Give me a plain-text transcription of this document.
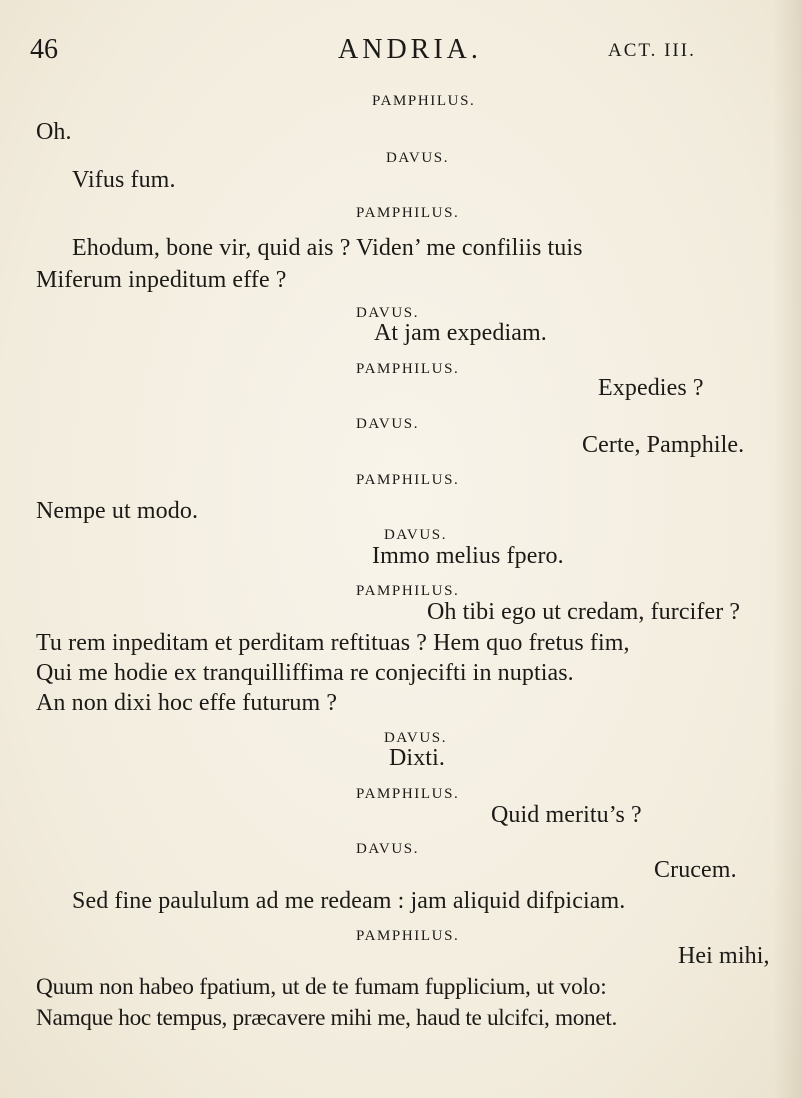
46	ANDRIA.	ACT. III.
PAMPHILUS.
Oh.
DAVUS.
Vifus fum.
PAMPHILUS.
Ehodum, bone vir, quid ais ? Viden’ me confiliis tuis
Miferum inpeditum effe ?
DAVUS.
At jam expediam.
PAMPHILUS.
Expedies ?
DAVUS.
Certe, Pamphile.
PAMPHILUS.
Nempe ut modo.
DAVUS.
Immo melius fpero.
PAMPHILUS.
Oh tibi ego ut credam, furcifer ?
Tu rem inpeditam et perditam reftituas ? Hem quo fretus fim,
Qui me hodie ex tranquilliffima re conjecifti in nuptias.
An non dixi hoc effe futurum ?
DAVUS.
Dixti.
PAMPHILUS.
Quid meritu’s ?
DAVUS.
Crucem.
Sed fine paululum ad me redeam : jam aliquid difpiciam.
PAMPHILUS.
Hei mihi,
Quum non habeo fpatium, ut de te fumam fupplicium, ut volo:
Namque hoc tempus, præcavere mihi me, haud te ulcifci, monet.
